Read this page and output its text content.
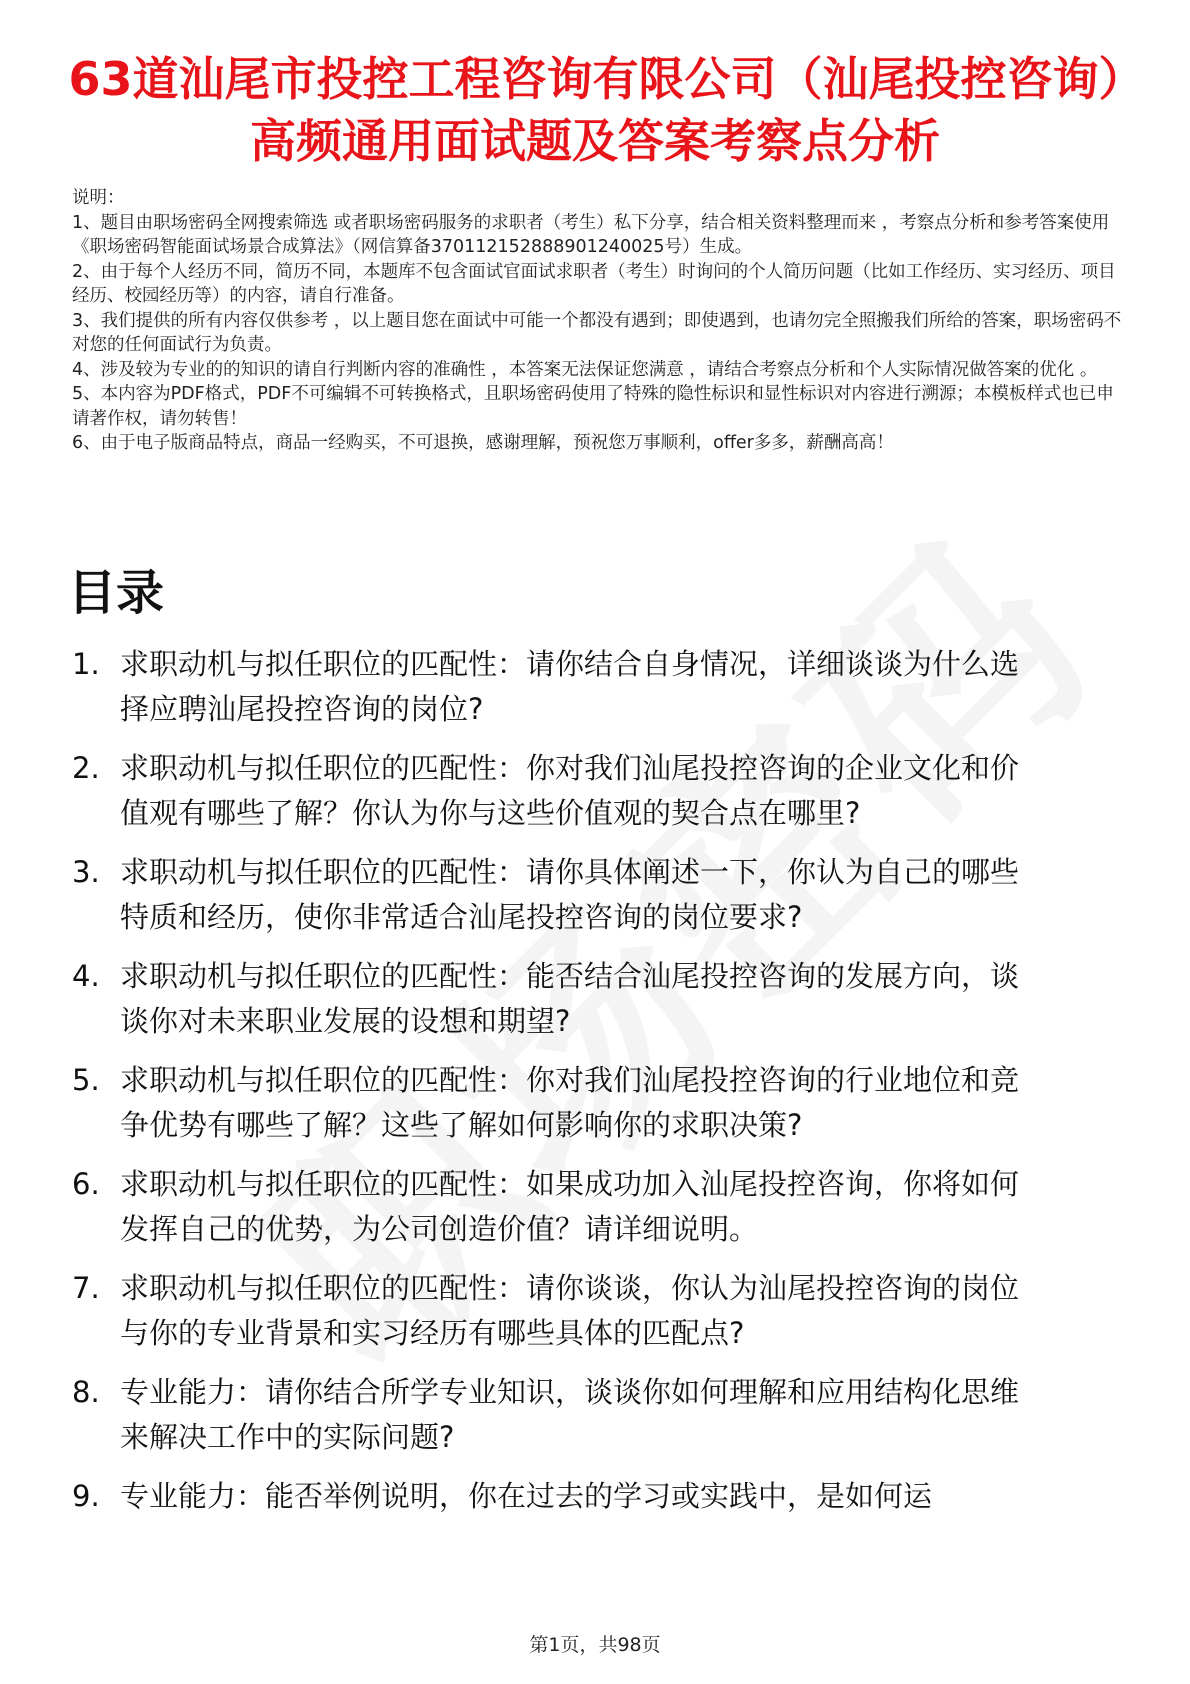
63道汕尾市投控工程咨询有限公司（汕尾投控咨询）高频通用面试题及答案考察点分析

说明：

1、题目由职场密码全网搜索筛选 或者职场密码服务的求职者（考生）私下分享，结合相关资料整理而来 ，考察点分析和参考答案使用《职场密码智能面试场景合成算法》（网信算备370112152888901240025号）生成。

2、由于每个人经历不同，简历不同，本题库不包含面试官面试求职者（考生）时询问的个人简历问题（比如工作经历、实习经历、项目经历、校园经历等）的内容，请自行准备。

3、我们提供的所有内容仅供参考 ，以上题目您在面试中可能一个都没有遇到；即使遇到，也请勿完全照搬我们所给的答案，职场密码不对您的任何面试行为负责。

4、涉及较为专业的的知识的请自行判断内容的准确性 ，本答案无法保证您满意 ，请结合考察点分析和个人实际情况做答案的优化 。

5、本内容为PDF格式，PDF不可编辑不可转换格式，且职场密码使用了特殊的隐性标识和显性标识对内容进行溯源；本模板样式也已申请著作权，请勿转售！

6、由于电子版商品特点，商品一经购买，不可退换，感谢理解，预祝您万事顺利，offer多多，薪酬高高！

目录
1. 求职动机与拟任职位的匹配性：请你结合自身情况，详细谈谈为什么选择应聘汕尾投控咨询的岗位?
2. 求职动机与拟任职位的匹配性：你对我们汕尾投控咨询的企业文化和价值观有哪些了解？你认为你与这些价值观的契合点在哪里?
3. 求职动机与拟任职位的匹配性：请你具体阐述一下，你认为自己的哪些特质和经历，使你非常适合汕尾投控咨询的岗位要求?
4. 求职动机与拟任职位的匹配性：能否结合汕尾投控咨询的发展方向，谈谈你对未来职业发展的设想和期望?
5. 求职动机与拟任职位的匹配性：你对我们汕尾投控咨询的行业地位和竞争优势有哪些了解？这些了解如何影响你的求职决策?
6. 求职动机与拟任职位的匹配性：如果成功加入汕尾投控咨询，你将如何发挥自己的优势，为公司创造价值？请详细说明。
7. 求职动机与拟任职位的匹配性：请你谈谈，你认为汕尾投控咨询的岗位与你的专业背景和实习经历有哪些具体的匹配点?
8. 专业能力：请你结合所学专业知识，谈谈你如何理解和应用结构化思维来解决工作中的实际问题?
9. 专业能力：能否举例说明，你在过去的学习或实践中，是如何运
第1页，共98页
